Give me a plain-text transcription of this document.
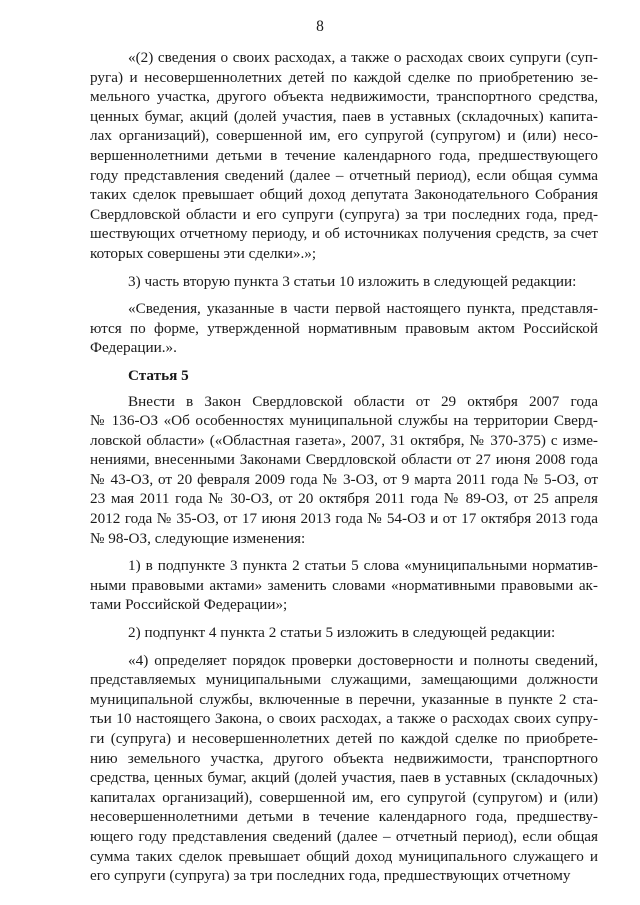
8
«(2) сведения о своих расходах, а также о расходах своих супруги (суп-
руга) и несовершеннолетних детей по каждой сделке по приобретению зе-
мельного участка, другого объекта недвижимости, транспортного средства,
ценных бумаг, акций (долей участия, паев в уставных (складочных) капита-
лах организаций), совершенной им, его супругой (супругом) и (или) несо-
вершеннолетними детьми в течение календарного года, предшествующего
году представления сведений (далее – отчетный период), если общая сумма
таких сделок превышает общий доход депутата Законодательного Собрания
Свердловской области и его супруги (супруга) за три последних года, пред-
шествующих отчетному периоду, и об источниках получения средств, за счет
которых совершены эти сделки».»;
3) часть вторую пункта 3 статьи 10 изложить в следующей редакции:
«Сведения, указанные в части первой настоящего пункта, представля-
ются по форме, утвержденной нормативным правовым актом Российской
Федерации.».
Статья 5
Внести в Закон Свердловской области от 29 октября 2007 года
№ 136-ОЗ «Об особенностях муниципальной службы на территории Сверд-
ловской области» («Областная газета», 2007, 31 октября, № 370-375) с изме-
нениями, внесенными Законами Свердловской области от 27 июня 2008 года
№ 43-ОЗ, от 20 февраля 2009 года № 3-ОЗ, от 9 марта 2011 года № 5-ОЗ, от
23 мая 2011 года № 30-ОЗ, от 20 октября 2011 года № 89-ОЗ, от 25 апреля
2012 года № 35-ОЗ, от 17 июня 2013 года № 54-ОЗ и от 17 октября 2013 года
№ 98-ОЗ, следующие изменения:
1) в подпункте 3 пункта 2 статьи 5 слова «муниципальными норматив-
ными правовыми актами» заменить словами «нормативными правовыми ак-
тами Российской Федерации»;
2) подпункт 4 пункта 2 статьи 5 изложить в следующей редакции:
«4) определяет порядок проверки достоверности и полноты сведений,
представляемых муниципальными служащими, замещающими должности
муниципальной службы, включенные в перечни, указанные в пункте 2 ста-
тьи 10 настоящего Закона, о своих расходах, а также о расходах своих супру-
ги (супруга) и несовершеннолетних детей по каждой сделке по приобрете-
нию земельного участка, другого объекта недвижимости, транспортного
средства, ценных бумаг, акций (долей участия, паев в уставных (складочных)
капиталах организаций), совершенной им, его супругой (супругом) и (или)
несовершеннолетними детьми в течение календарного года, предшеству-
ющего году представления сведений (далее – отчетный период), если общая
сумма таких сделок превышает общий доход муниципального служащего и
его супруги (супруга) за три последних года, предшествующих отчетному
